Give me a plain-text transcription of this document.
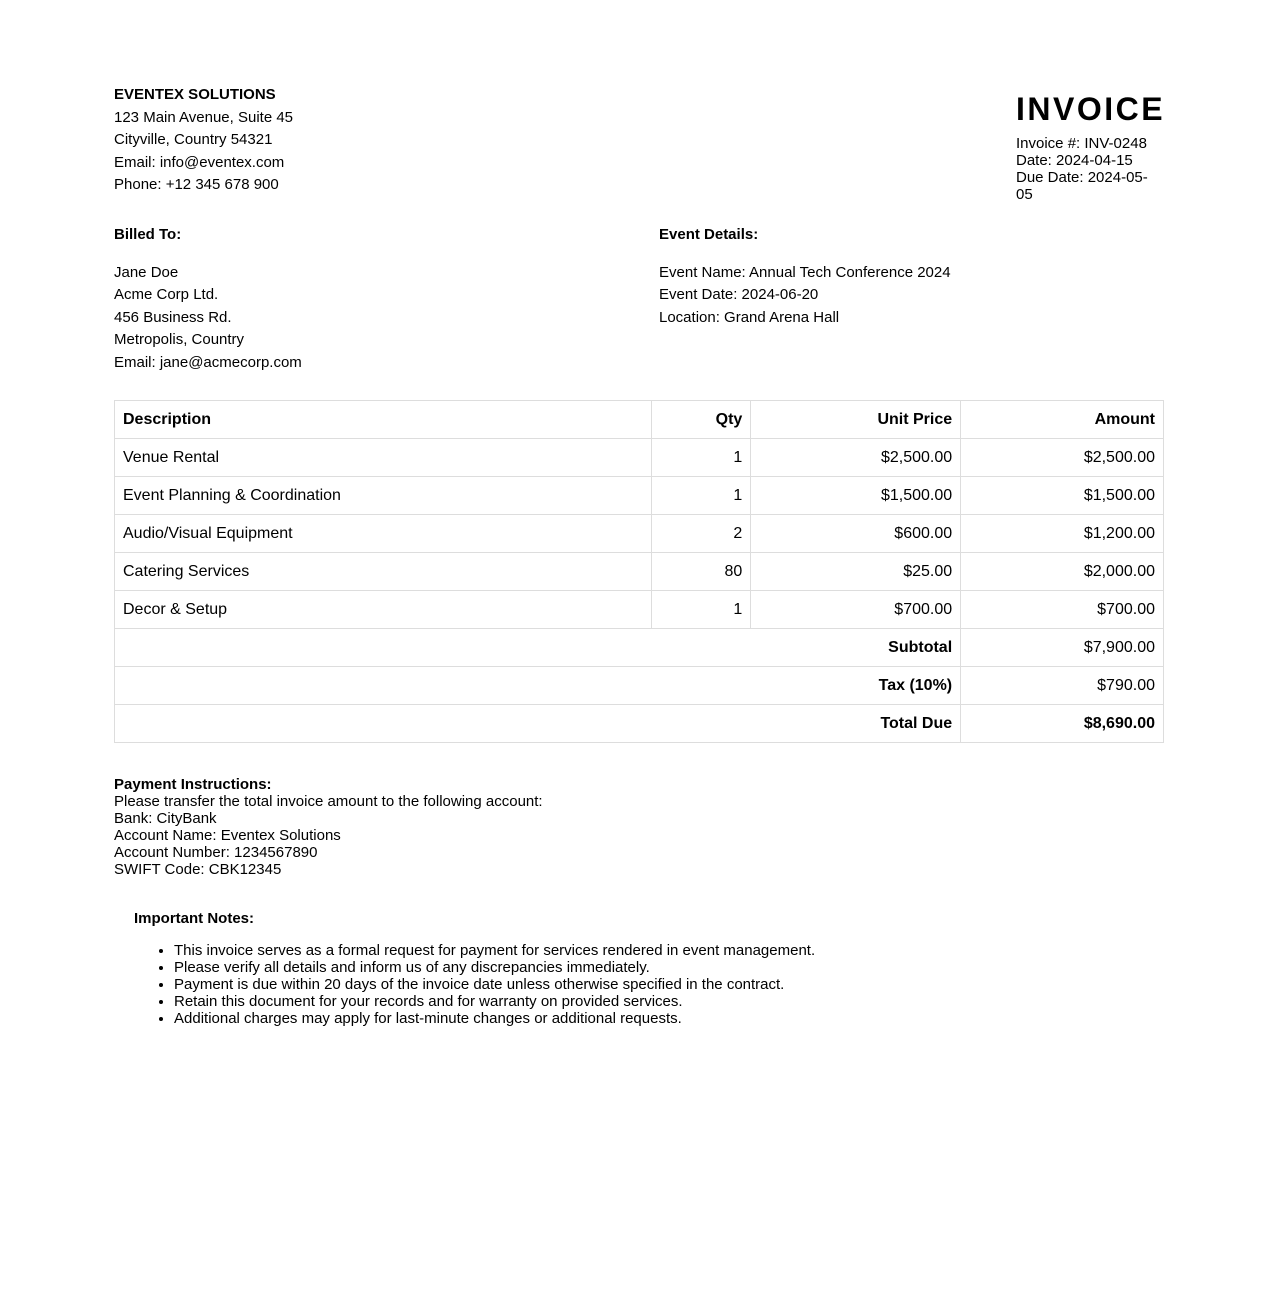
EVENTEX SOLUTIONS
123 Main Avenue, Suite 45
Cityville, Country 54321
Email: info@eventex.com
Phone: +12 345 678 900
INVOICE
Invoice #: INV-0248
Date: 2024-04-15
Due Date: 2024-05-05
Billed To:
Jane Doe
Acme Corp Ltd.
456 Business Rd.
Metropolis, Country
Email: jane@acmecorp.com
Event Details:
Event Name: Annual Tech Conference 2024
Event Date: 2024-06-20
Location: Grand Arena Hall
Description	Qty	Unit Price	Amount
Venue Rental	1	$2,500.00	$2,500.00
Event Planning & Coordination	1	$1,500.00	$1,500.00
Audio/Visual Equipment	2	$600.00	$1,200.00
Catering Services	80	$25.00	$2,000.00
Decor & Setup	1	$700.00	$700.00
Subtotal			$7,900.00
Tax (10%)			$790.00
Total Due			$8,690.00
Payment Instructions:
Please transfer the total invoice amount to the following account:
Bank: CityBank
Account Name: Eventex Solutions
Account Number: 1234567890
SWIFT Code: CBK12345
Important Notes:
• This invoice serves as a formal request for payment for services rendered in event management.
• Please verify all details and inform us of any discrepancies immediately.
• Payment is due within 20 days of the invoice date unless otherwise specified in the contract.
• Retain this document for your records and for warranty on provided services.
• Additional charges may apply for last-minute changes or additional requests.
